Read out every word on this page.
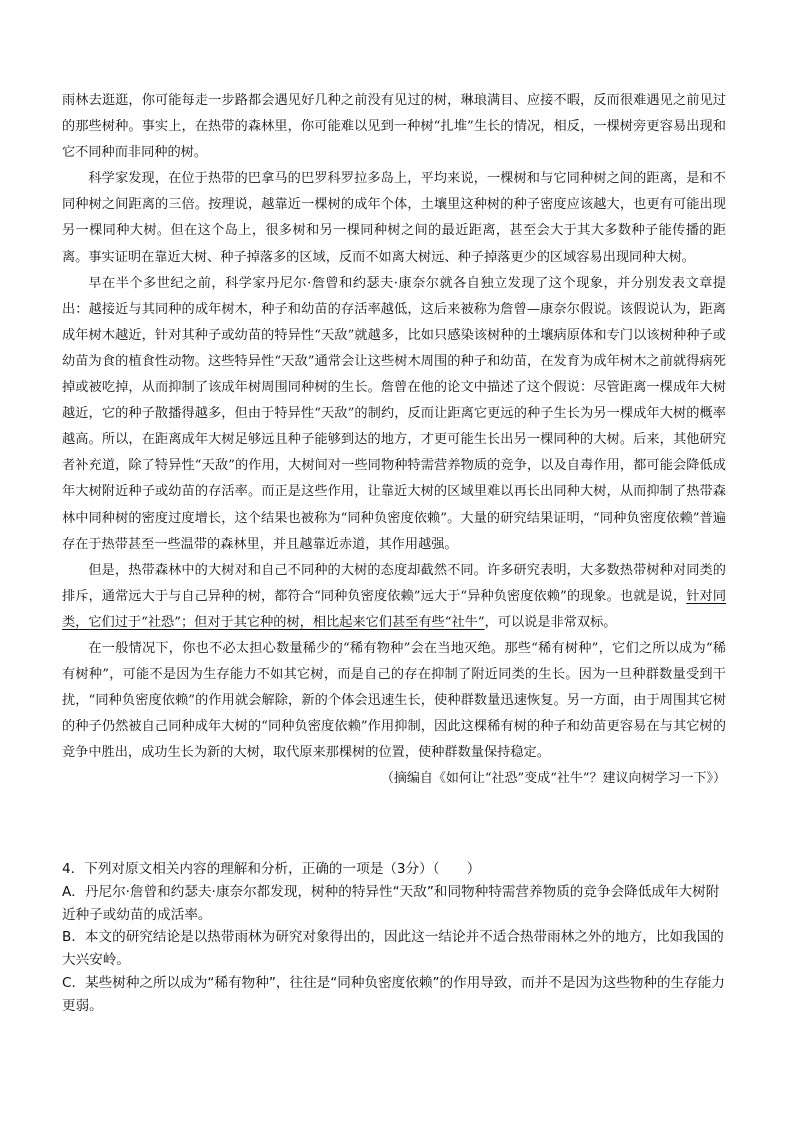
雨林去逛逛，你可能每走一步路都会遇见好几种之前没有见过的树，琳琅满目、应接不暇，反而很难遇见之前见过的那些树种。事实上，在热带的森林里，你可能难以见到一种树“扎堆”生长的情况，相反，一棵树旁更容易出现和它不同种而非同种的树。

科学家发现，在位于热带的巴拿马的巴罗科罗拉多岛上，平均来说，一棵树和与它同种树之间的距离，是和不同种树之间距离的三倍。按理说，越靠近一棵树的成年个体，土壤里这种树的种子密度应该越大，也更有可能出现另一棵同种大树。但在这个岛上，很多树和另一棵同种树之间的最近距离，甚至会大于其大多数种子能传播的距离。事实证明在靠近大树、种子掉落多的区域，反而不如离大树远、种子掉落更少的区域容易出现同种大树。

早在半个多世纪之前，科学家丹尼尔·詹曾和约瑟夫·康奈尔就各自独立发现了这个现象，并分别发表文章提出：越接近与其同种的成年树木，种子和幼苗的存活率越低，这后来被称为詹曾—康奈尔假说。该假说认为，距离成年树木越近，针对其种子或幼苗的特异性“天敌”就越多，比如只感染该树种的土壤病原体和专门以该树种种子或幼苗为食的植食性动物。这些特异性“天敌”通常会让这些树木周围的种子和幼苗，在发育为成年树木之前就得病死掉或被吃掉，从而抑制了该成年树周围同种树的生长。詹曾在他的论文中描述了这个假说：尽管距离一棵成年大树越近，它的种子散播得越多，但由于特异性“天敌”的制约，反而让距离它更远的种子生长为另一棵成年大树的概率越高。所以，在距离成年大树足够远且种子能够到达的地方，才更可能生长出另一棵同种的大树。后来，其他研究者补充道，除了特异性“天敌”的作用，大树间对一些同物种特需营养物质的竞争，以及自毒作用，都可能会降低成年大树附近种子或幼苗的存活率。而正是这些作用，让靠近大树的区域里难以再长出同种大树，从而抑制了热带森林中同种树的密度过度增长，这个结果也被称为“同种负密度依赖”。大量的研究结果证明，“同种负密度依赖”普遍存在于热带甚至一些温带的森林里，并且越靠近赤道，其作用越强。

但是，热带森林中的大树对和自己不同种的大树的态度却截然不同。许多研究表明，大多数热带树种对同类的排斥，通常远大于与自己异种的树，都符合“同种负密度依赖”远大于“异种负密度依赖”的现象。也就是说，针对同类，它们过于“社恐”；但对于其它种的树，相比起来它们甚至有些“社牛”，可以说是非常双标。

在一般情况下，你也不必太担心数量稀少的“稀有物种”会在当地灭绝。那些“稀有树种”，它们之所以成为“稀有树种”，可能不是因为生存能力不如其它树，而是自己的存在抑制了附近同类的生长。因为一旦种群数量受到干扰，“同种负密度依赖”的作用就会解除，新的个体会迅速生长，使种群数量迅速恢复。另一方面，由于周围其它树的种子仍然被自己同种成年大树的“同种负密度依赖”作用抑制，因此这棵稀有树的种子和幼苗更容易在与其它树的竞争中胜出，成功生长为新的大树，取代原来那棵树的位置，使种群数量保持稳定。

（摘编自《如何让“社恐”变成“社牛”？建议向树学习一下》）

4．下列对原文相关内容的理解和分析，正确的一项是（3分）（　　）

A．丹尼尔·詹曾和约瑟夫·康奈尔都发现，树种的特异性“天敌”和同物种特需营养物质的竞争会降低成年大树附近种子或幼苗的成活率。

B．本文的研究结论是以热带雨林为研究对象得出的，因此这一结论并不适合热带雨林之外的地方，比如我国的大兴安岭。

C．某些树种之所以成为“稀有物种”，往往是“同种负密度依赖”的作用导致，而并不是因为这些物种的生存能力更弱。
